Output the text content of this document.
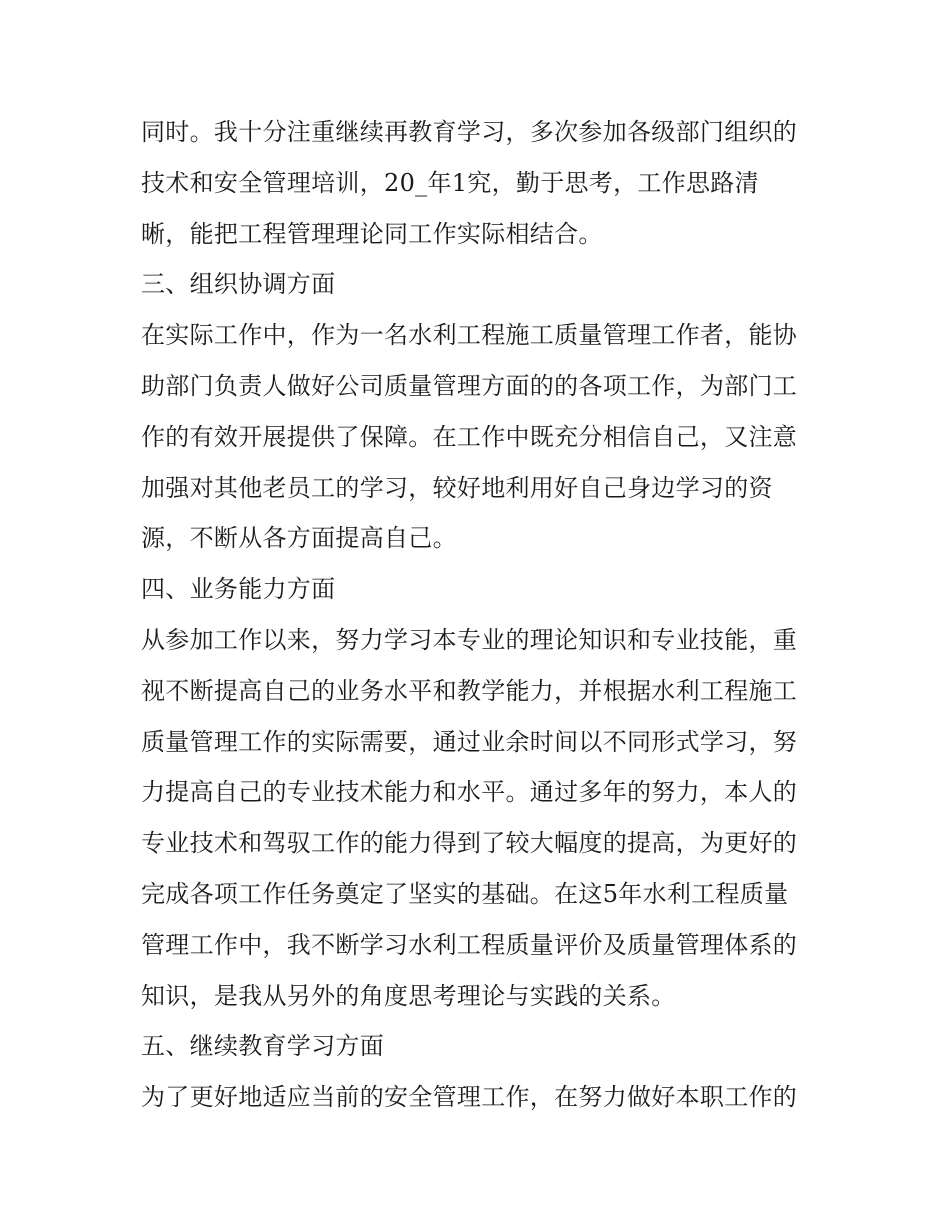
同时。我十分注重继续再教育学习，多次参加各级部门组织的
技术和安全管理培训，20_年1究，勤于思考，工作思路清
晰，能把工程管理理论同工作实际相结合。
三、组织协调方面
在实际工作中，作为一名水利工程施工质量管理工作者，能协
助部门负责人做好公司质量管理方面的的各项工作，为部门工
作的有效开展提供了保障。在工作中既充分相信自己，又注意
加强对其他老员工的学习，较好地利用好自己身边学习的资
源，不断从各方面提高自己。
四、业务能力方面
从参加工作以来，努力学习本专业的理论知识和专业技能，重
视不断提高自己的业务水平和教学能力，并根据水利工程施工
质量管理工作的实际需要，通过业余时间以不同形式学习，努
力提高自己的专业技术能力和水平。通过多年的努力，本人的
专业技术和驾驭工作的能力得到了较大幅度的提高，为更好的
完成各项工作任务奠定了坚实的基础。在这5年水利工程质量
管理工作中，我不断学习水利工程质量评价及质量管理体系的
知识，是我从另外的角度思考理论与实践的关系。
五、继续教育学习方面
为了更好地适应当前的安全管理工作，在努力做好本职工作的
